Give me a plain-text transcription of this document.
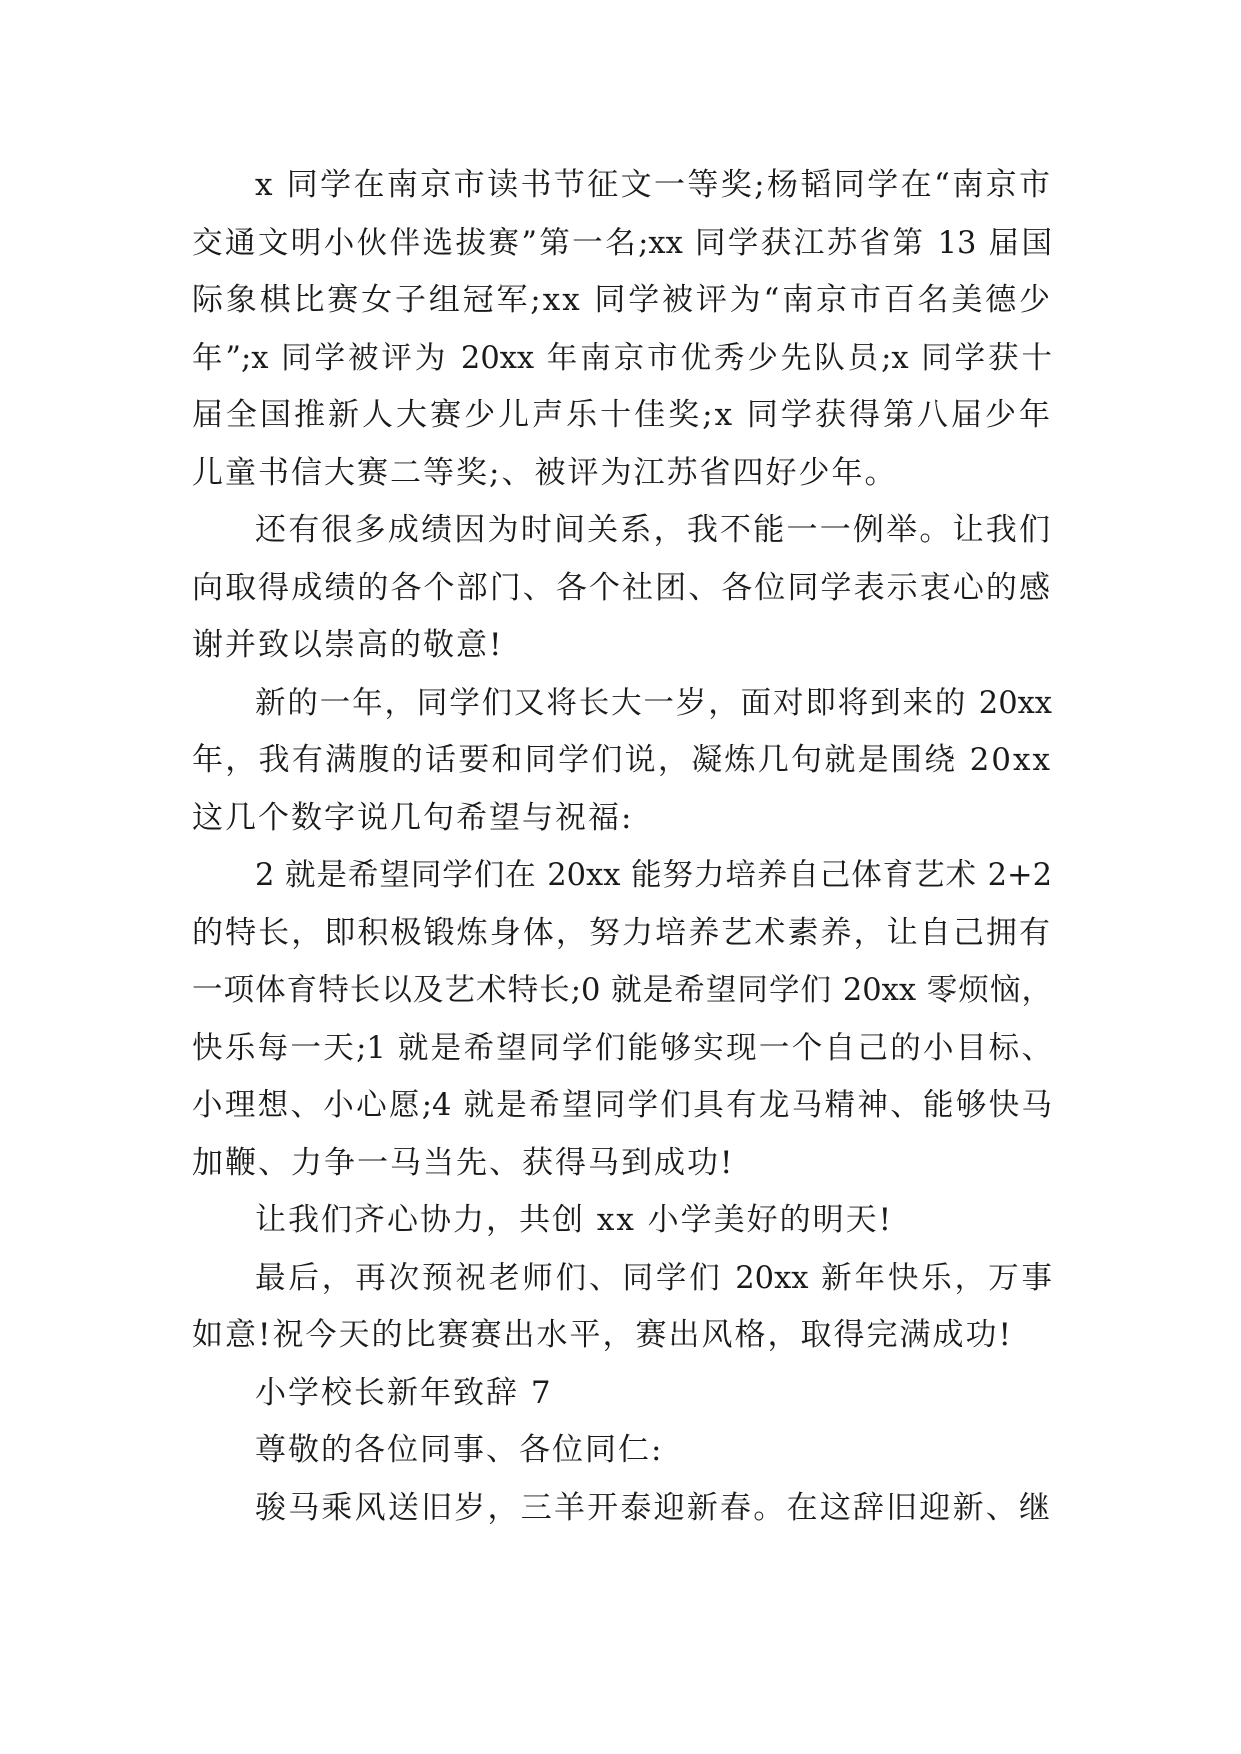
x 同学在南京市读书节征文一等奖;杨韬同学在“南京市
交通文明小伙伴选拔赛”第一名;xx 同学获江苏省第 13 届国
际象棋比赛女子组冠军;xx 同学被评为“南京市百名美德少
年”;x 同学被评为 20xx 年南京市优秀少先队员;x 同学获十
届全国推新人大赛少儿声乐十佳奖;x 同学获得第八届少年
儿童书信大赛二等奖;、被评为江苏省四好少年。
还有很多成绩因为时间关系，我不能一一例举。让我们
向取得成绩的各个部门、各个社团、各位同学表示衷心的感
谢并致以崇高的敬意!
新的一年，同学们又将长大一岁，面对即将到来的 20xx
年，我有满腹的话要和同学们说，凝炼几句就是围绕 20xx
这几个数字说几句希望与祝福:
2 就是希望同学们在 20xx 能努力培养自己体育艺术 2+2
的特长，即积极锻炼身体，努力培养艺术素养，让自己拥有
一项体育特长以及艺术特长;0 就是希望同学们 20xx 零烦恼，
快乐每一天;1 就是希望同学们能够实现一个自己的小目标、
小理想、小心愿;4 就是希望同学们具有龙马精神、能够快马
加鞭、力争一马当先、获得马到成功!
让我们齐心协力，共创 xx 小学美好的明天!
最后，再次预祝老师们、同学们 20xx 新年快乐，万事
如意!祝今天的比赛赛出水平，赛出风格，取得完满成功!
小学校长新年致辞 7
尊敬的各位同事、各位同仁:
骏马乘风送旧岁，三羊开泰迎新春。在这辞旧迎新、继
